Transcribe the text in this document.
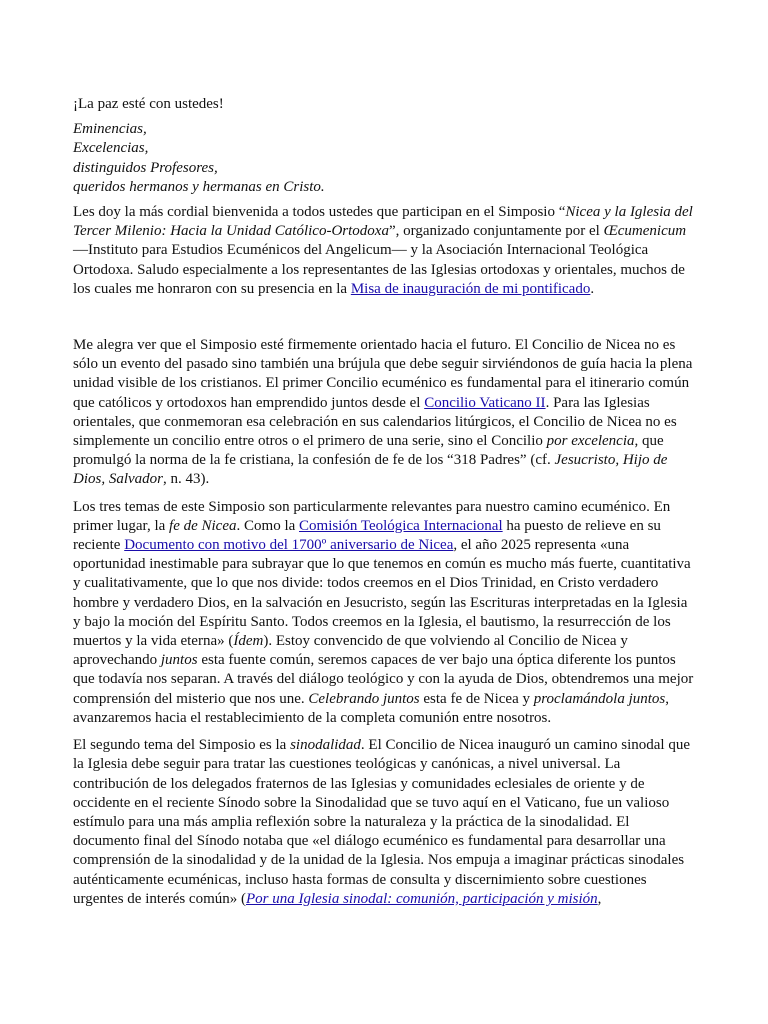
¡La paz esté con ustedes!

Eminencias,
Excelencias,
distinguidos Profesores,
queridos hermanos y hermanas en Cristo.

Les doy la más cordial bienvenida a todos ustedes que participan en el Simposio “Nicea y la Iglesia del Tercer Milenio: Hacia la Unidad Católico-Ortodoxa”, organizado conjuntamente por el Œcumenicum —Instituto para Estudios Ecuménicos del Angelicum— y la Asociación Internacional Teológica Ortodoxa. Saludo especialmente a los representantes de las Iglesias ortodoxas y orientales, muchos de los cuales me honraron con su presencia en la Misa de inauguración de mi pontificado.

Me alegra ver que el Simposio esté firmemente orientado hacia el futuro. El Concilio de Nicea no es sólo un evento del pasado sino también una brújula que debe seguir sirviéndonos de guía hacia la plena unidad visible de los cristianos. El primer Concilio ecuménico es fundamental para el itinerario común que católicos y ortodoxos han emprendido juntos desde el Concilio Vaticano II. Para las Iglesias orientales, que conmemoran esa celebración en sus calendarios litúrgicos, el Concilio de Nicea no es simplemente un concilio entre otros o el primero de una serie, sino el Concilio por excelencia, que promulgó la norma de la fe cristiana, la confesión de fe de los “318 Padres” (cf. Jesucristo, Hijo de Dios, Salvador, n. 43).

Los tres temas de este Simposio son particularmente relevantes para nuestro camino ecuménico. En primer lugar, la fe de Nicea. Como la Comisión Teológica Internacional ha puesto de relieve en su reciente Documento con motivo del 1700º aniversario de Nicea, el año 2025 representa «una oportunidad inestimable para subrayar que lo que tenemos en común es mucho más fuerte, cuantitativa y cualitativamente, que lo que nos divide: todos creemos en el Dios Trinidad, en Cristo verdadero hombre y verdadero Dios, en la salvación en Jesucristo, según las Escrituras interpretadas en la Iglesia y bajo la moción del Espíritu Santo. Todos creemos en la Iglesia, el bautismo, la resurrección de los muertos y la vida eterna» (Ídem). Estoy convencido de que volviendo al Concilio de Nicea y aprovechando juntos esta fuente común, seremos capaces de ver bajo una óptica diferente los puntos que todavía nos separan. A través del diálogo teológico y con la ayuda de Dios, obtendremos una mejor comprensión del misterio que nos une. Celebrando juntos esta fe de Nicea y proclamándola juntos, avanzaremos hacia el restablecimiento de la completa comunión entre nosotros.

El segundo tema del Simposio es la sinodalidad. El Concilio de Nicea inauguró un camino sinodal que la Iglesia debe seguir para tratar las cuestiones teológicas y canónicas, a nivel universal. La contribución de los delegados fraternos de las Iglesias y comunidades eclesiales de oriente y de occidente en el reciente Sínodo sobre la Sinodalidad que se tuvo aquí en el Vaticano, fue un valioso estímulo para una más amplia reflexión sobre la naturaleza y la práctica de la sinodalidad. El documento final del Sínodo notaba que «el diálogo ecuménico es fundamental para desarrollar una comprensión de la sinodalidad y de la unidad de la Iglesia. Nos empuja a imaginar prácticas sinodales auténticamente ecuménicas, incluso hasta formas de consulta y discernimiento sobre cuestiones urgentes de interés común» (Por una Iglesia sinodal: comunión, participación y misión,
